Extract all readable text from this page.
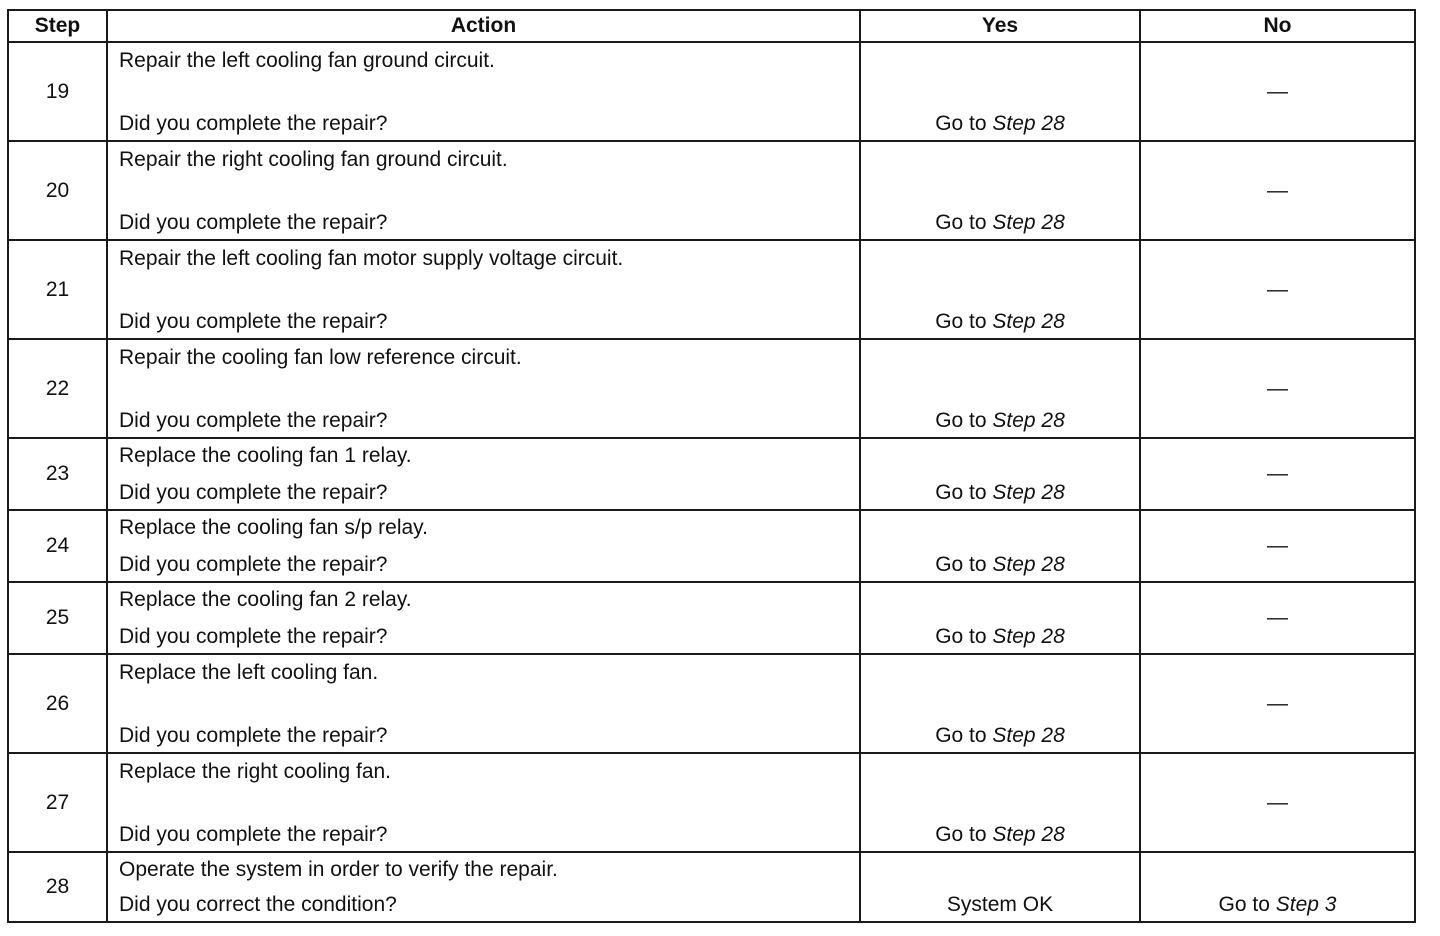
Step	Action	Yes	No
19	Repair the left cooling fan ground circuit.
Did you complete the repair?	Go to Step 28	—

20	Repair the right cooling fan ground circuit.
Did you complete the repair?	Go to Step 28	—

21	Repair the left cooling fan motor supply voltage circuit.
Did you complete the repair?	Go to Step 28	—

22	Repair the cooling fan low reference circuit.
Did you complete the repair?	Go to Step 28	—

23	Replace the cooling fan 1 relay.
Did you complete the repair?	Go to Step 28	—

24	Replace the cooling fan s/p relay.
Did you complete the repair?	Go to Step 28	—

25	Replace the cooling fan 2 relay.
Did you complete the repair?	Go to Step 28	—

26	Replace the left cooling fan.
Did you complete the repair?	Go to Step 28	—

27	Replace the right cooling fan.
Did you complete the repair?	Go to Step 28	—

28	Operate the system in order to verify the repair.
Did you correct the condition?	System OK	Go to Step 3
